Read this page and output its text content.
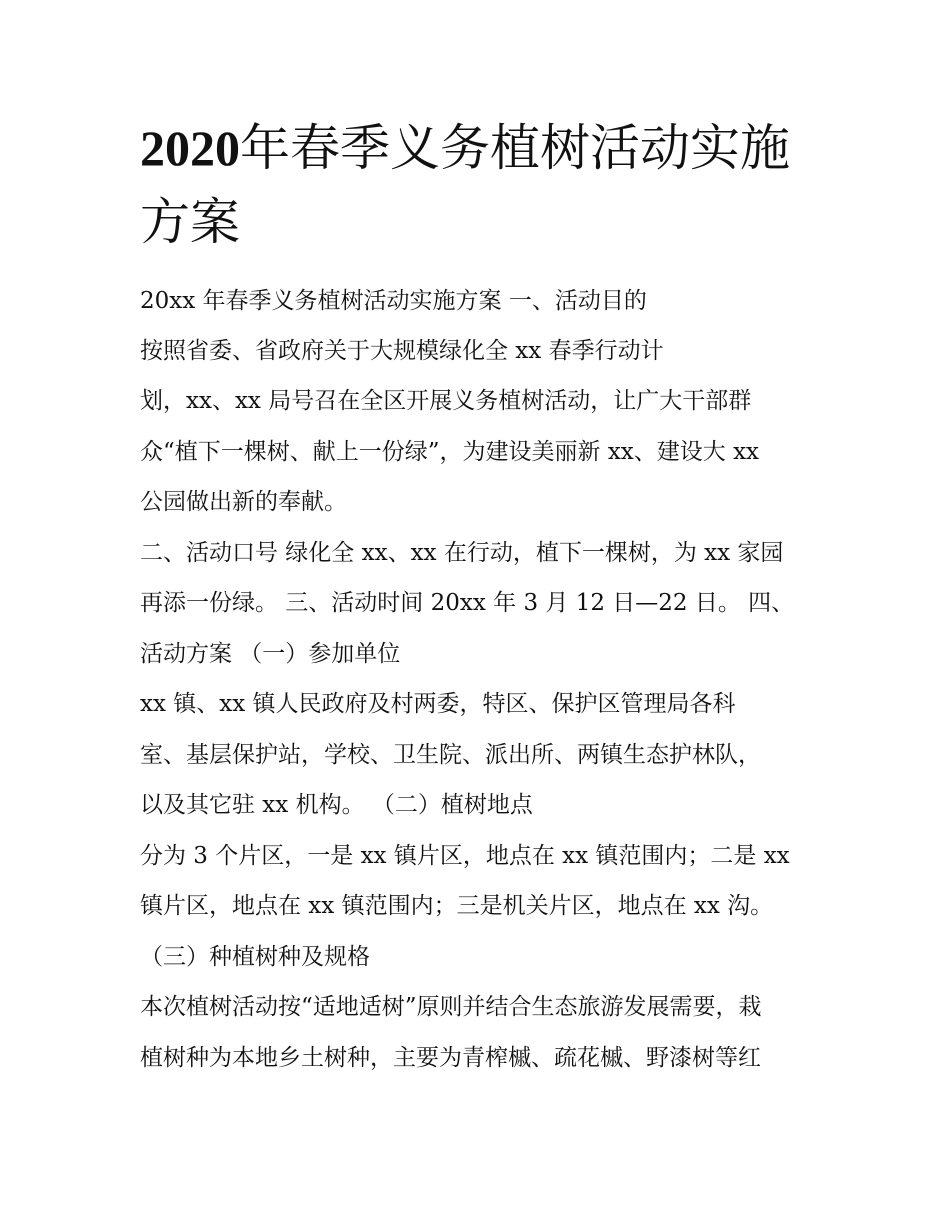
2020年春季义务植树活动实施
方案
20xx 年春季义务植树活动实施方案 一、活动目的
按照省委、省政府关于大规模绿化全 xx 春季行动计
划，xx、xx 局号召在全区开展义务植树活动，让广大干部群
众“植下一棵树、献上一份绿”，为建设美丽新 xx、建设大 xx
公园做出新的奉献。
二、活动口号 绿化全 xx、xx 在行动，植下一棵树，为 xx 家园
再添一份绿。 三、活动时间 20xx 年 3 月 12 日—22 日。 四、
活动方案 （一）参加单位
xx 镇、xx 镇人民政府及村两委，特区、保护区管理局各科
室、基层保护站，学校、卫生院、派出所、两镇生态护林队，
以及其它驻 xx 机构。 （二）植树地点
分为 3 个片区，一是 xx 镇片区，地点在 xx 镇范围内；二是 xx
镇片区，地点在 xx 镇范围内；三是机关片区，地点在 xx 沟。
（三）种植树种及规格
本次植树活动按“适地适树”原则并结合生态旅游发展需要，栽
植树种为本地乡土树种，主要为青榨槭、疏花槭、野漆树等红
